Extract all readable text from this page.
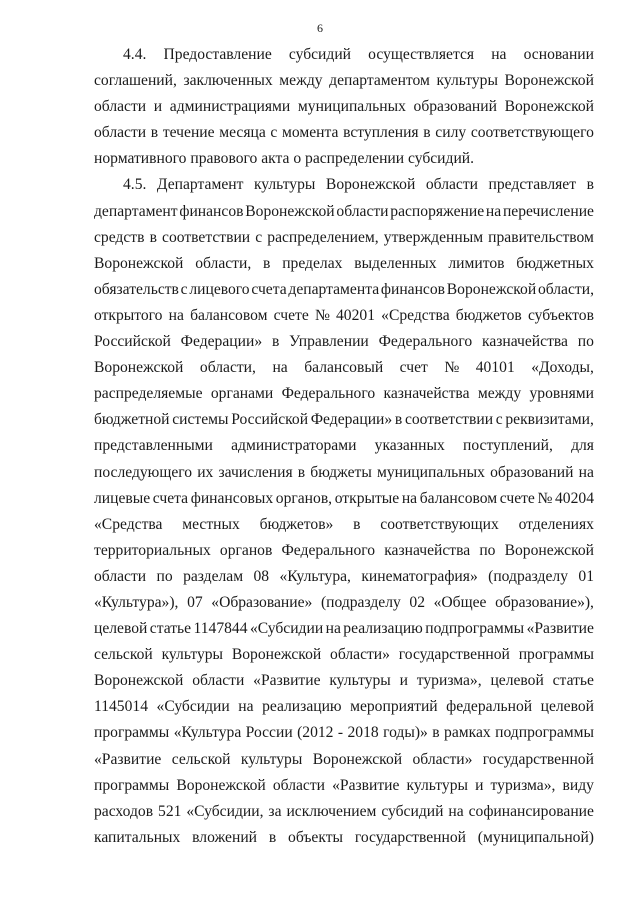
6
4.4. Предоставление субсидий осуществляется на основании
соглашений, заключенных между департаментом культуры Воронежской
области и администрациями муниципальных образований Воронежской
области в течение месяца с момента вступления в силу соответствующего
нормативного правового акта о распределении субсидий.
4.5. Департамент культуры Воронежской области представляет в
департамент финансов Воронежской области распоряжение на перечисление
средств в соответствии с распределением, утвержденным правительством
Воронежской области, в пределах выделенных лимитов бюджетных
обязательств с лицевого счета департамента финансов Воронежской области,
открытого на балансовом счете № 40201 «Средства бюджетов субъектов
Российской Федерации» в Управлении Федерального казначейства по
Воронежской области, на балансовый счет № 40101 «Доходы,
распределяемые органами Федерального казначейства между уровнями
бюджетной системы Российской Федерации» в соответствии с реквизитами,
представленными администраторами указанных поступлений, для
последующего их зачисления в бюджеты муниципальных образований на
лицевые счета финансовых органов, открытые на балансовом счете № 40204
«Средства местных бюджетов» в соответствующих отделениях
территориальных органов Федерального казначейства по Воронежской
области по разделам 08 «Культура, кинематография» (подразделу 01
«Культура»), 07 «Образование» (подразделу 02 «Общее образование»),
целевой статье 1147844 «Субсидии на реализацию подпрограммы «Развитие
сельской культуры Воронежской области» государственной программы
Воронежской области «Развитие культуры и туризма», целевой статье
1145014 «Субсидии на реализацию мероприятий федеральной целевой
программы «Культура России (2012 - 2018 годы)» в рамках подпрограммы
«Развитие сельской культуры Воронежской области» государственной
программы Воронежской области «Развитие культуры и туризма», виду
расходов 521 «Субсидии, за исключением субсидий на софинансирование
капитальных вложений в объекты государственной (муниципальной)
